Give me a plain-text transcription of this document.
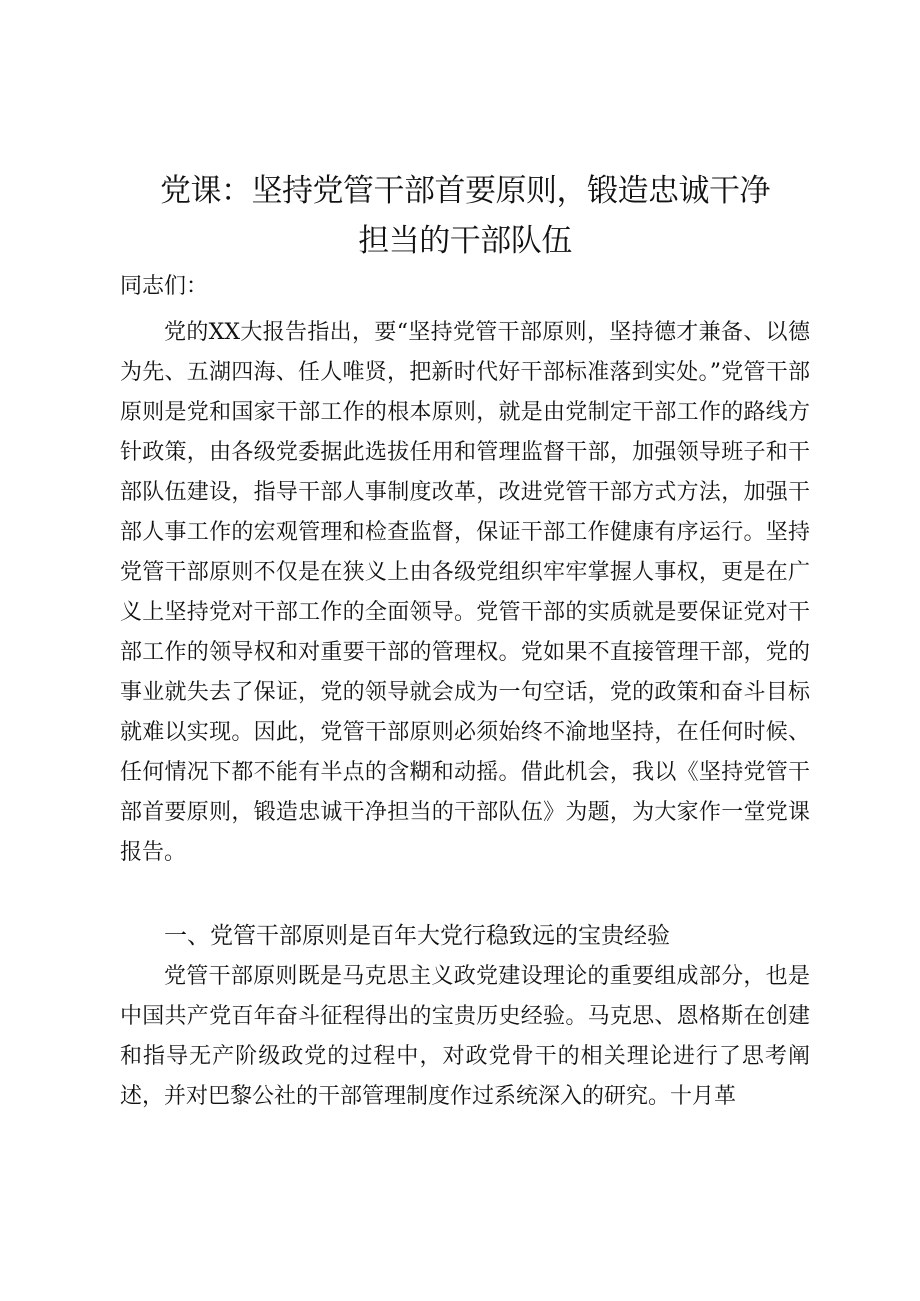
党课：坚持党管干部首要原则，锻造忠诚干净
担当的干部队伍

同志们：

党的XX大报告指出，要“坚持党管干部原则，坚持德才兼备、以德为先、五湖四海、任人唯贤，把新时代好干部标准落到实处。”党管干部原则是党和国家干部工作的根本原则，就是由党制定干部工作的路线方针政策，由各级党委据此选拔任用和管理监督干部，加强领导班子和干部队伍建设，指导干部人事制度改革，改进党管干部方式方法，加强干部人事工作的宏观管理和检查监督，保证干部工作健康有序运行。坚持党管干部原则不仅是在狭义上由各级党组织牢牢掌握人事权，更是在广义上坚持党对干部工作的全面领导。党管干部的实质就是要保证党对干部工作的领导权和对重要干部的管理权。党如果不直接管理干部，党的事业就失去了保证，党的领导就会成为一句空话，党的政策和奋斗目标就难以实现。因此，党管干部原则必须始终不渝地坚持，在任何时候、任何情况下都不能有半点的含糊和动摇。借此机会，我以《坚持党管干部首要原则，锻造忠诚干净担当的干部队伍》为题，为大家作一堂党课报告。

一、党管干部原则是百年大党行稳致远的宝贵经验

党管干部原则既是马克思主义政党建设理论的重要组成部分，也是中国共产党百年奋斗征程得出的宝贵历史经验。马克思、恩格斯在创建和指导无产阶级政党的过程中，对政党骨干的相关理论进行了思考阐述，并对巴黎公社的干部管理制度作过系统深入的研究。十月革
